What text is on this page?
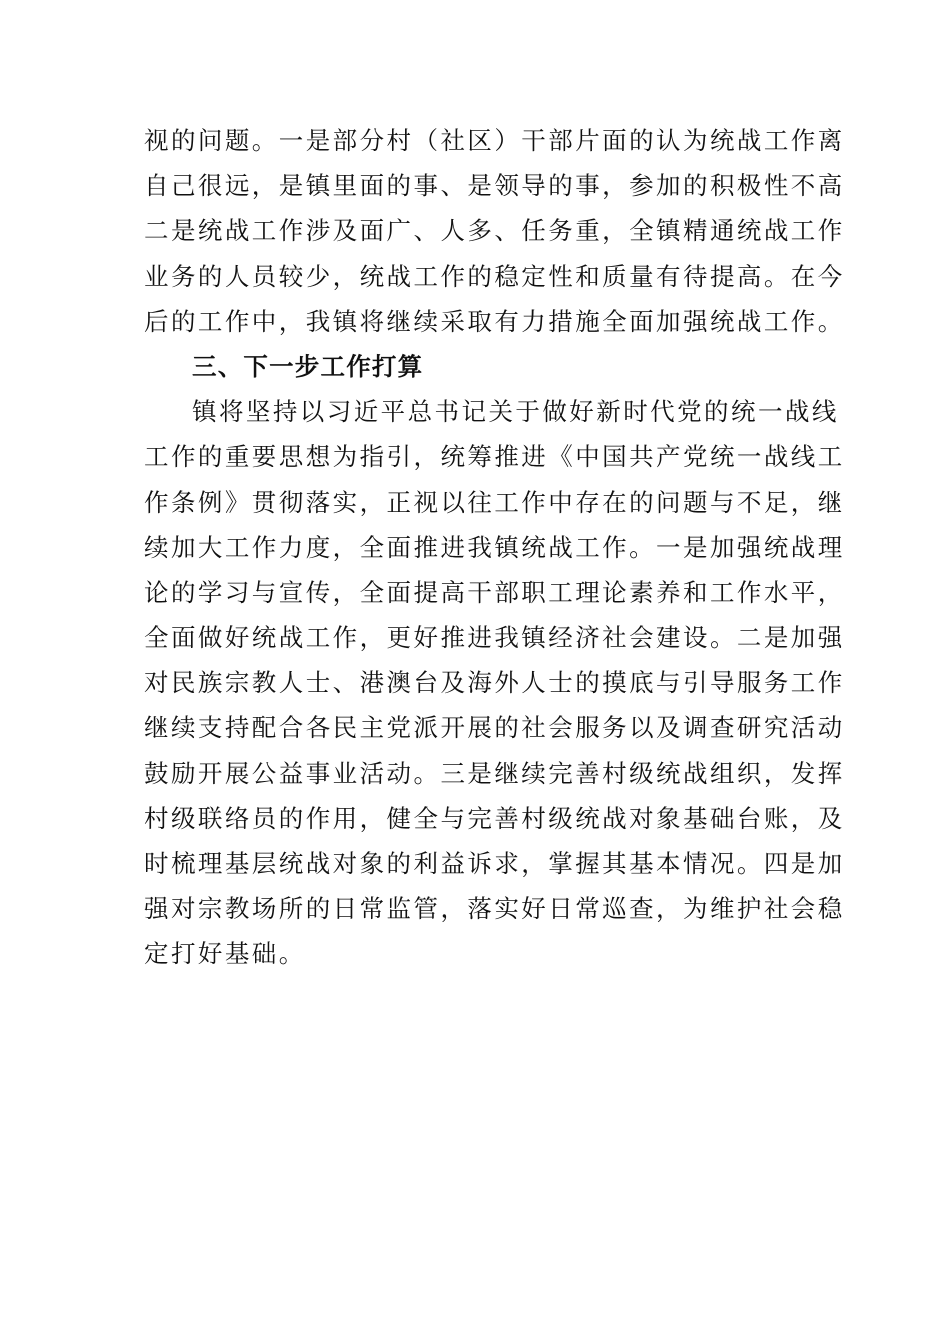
视的问题。一是部分村（社区）干部片面的认为统战工作离
自己很远，是镇里面的事、是领导的事，参加的积极性不高
二是统战工作涉及面广、人多、任务重，全镇精通统战工作
业务的人员较少，统战工作的稳定性和质量有待提高。在今
后的工作中，我镇将继续采取有力措施全面加强统战工作。
三、下一步工作打算
镇将坚持以习近平总书记关于做好新时代党的统一战线
工作的重要思想为指引，统筹推进《中国共产党统一战线工
作条例》贯彻落实，正视以往工作中存在的问题与不足，继
续加大工作力度，全面推进我镇统战工作。一是加强统战理
论的学习与宣传，全面提高干部职工理论素养和工作水平，
全面做好统战工作，更好推进我镇经济社会建设。二是加强
对民族宗教人士、港澳台及海外人士的摸底与引导服务工作
继续支持配合各民主党派开展的社会服务以及调查研究活动
鼓励开展公益事业活动。三是继续完善村级统战组织，发挥
村级联络员的作用，健全与完善村级统战对象基础台账，及
时梳理基层统战对象的利益诉求，掌握其基本情况。四是加
强对宗教场所的日常监管，落实好日常巡查，为维护社会稳
定打好基础。
